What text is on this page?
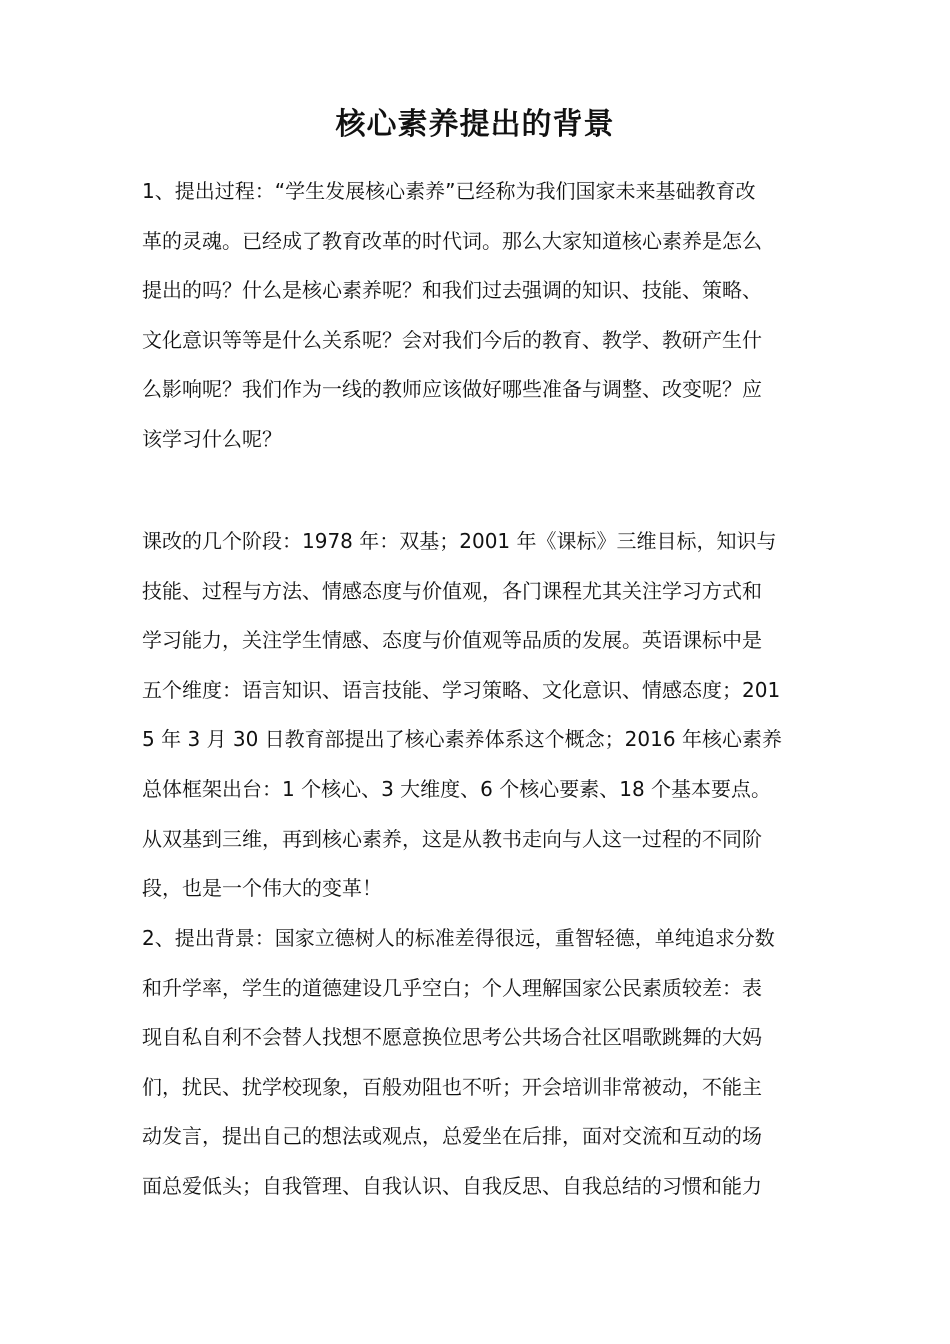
核心素养提出的背景
1、提出过程：“学生发展核心素养”已经称为我们国家未来基础教育改
革的灵魂。已经成了教育改革的时代词。那么大家知道核心素养是怎么
提出的吗？什么是核心素养呢？和我们过去强调的知识、技能、策略、
文化意识等等是什么关系呢？会对我们今后的教育、教学、教研产生什
么影响呢？我们作为一线的教师应该做好哪些准备与调整、改变呢？应
该学习什么呢？
课改的几个阶段：1978 年：双基；2001 年《课标》三维目标，知识与
技能、过程与方法、情感态度与价值观，各门课程尤其关注学习方式和
学习能力，关注学生情感、态度与价值观等品质的发展。英语课标中是
五个维度：语言知识、语言技能、学习策略、文化意识、情感态度；201
5 年 3 月 30 日教育部提出了核心素养体系这个概念；2016 年核心素养
总体框架出台：1 个核心、3 大维度、6 个核心要素、18 个基本要点。
从双基到三维，再到核心素养，这是从教书走向与人这一过程的不同阶
段，也是一个伟大的变革！
2、提出背景：国家立德树人的标准差得很远，重智轻德，单纯追求分数
和升学率，学生的道德建设几乎空白；个人理解国家公民素质较差：表
现自私自利不会替人找想不愿意换位思考公共场合社区唱歌跳舞的大妈
们，扰民、扰学校现象，百般劝阻也不听；开会培训非常被动，不能主
动发言，提出自己的想法或观点，总爱坐在后排，面对交流和互动的场
面总爱低头；自我管理、自我认识、自我反思、自我总结的习惯和能力
